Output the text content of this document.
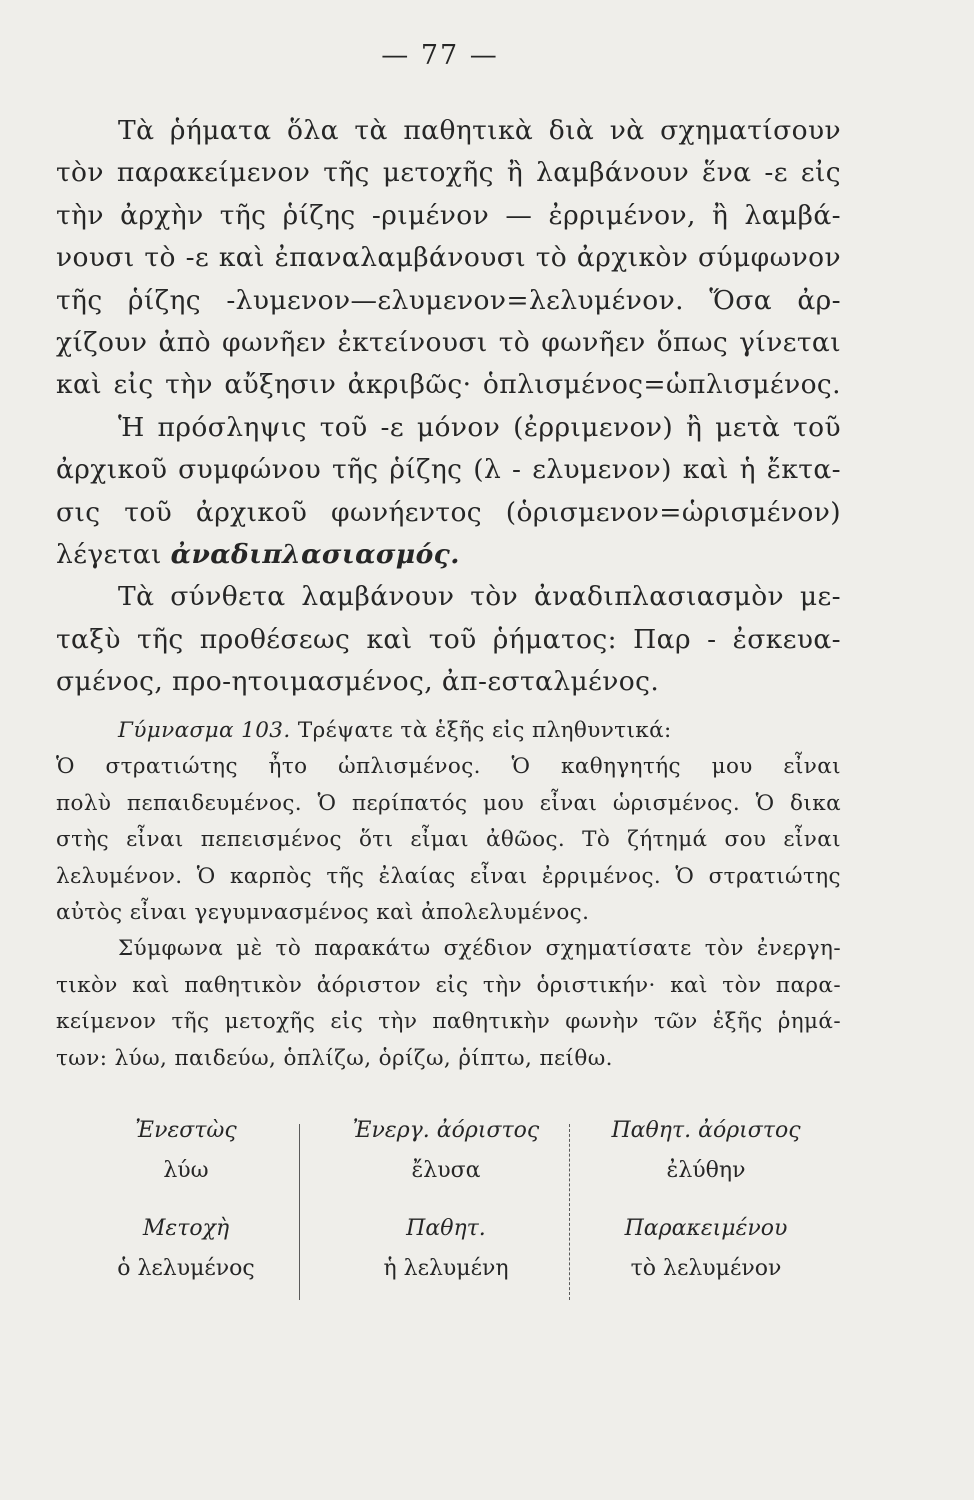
— 77 —
Τὰ ῥήματα ὅλα τὰ παθητικὰ διὰ νὰ σχηματίσουν
τὸν παρακείμενον τῆς μετοχῆς ἢ λαμβάνουν ἕνα -ε εἰς
τὴν ἀρχὴν τῆς ῥίζης -ριμένον — ἐρριμένον, ἢ λαμβά-
νουσι τὸ -ε καὶ ἐπαναλαμβάνουσι τὸ ἀρχικὸν σύμφωνον
τῆς ῥίζης -λυμενον—ελυμενον=λελυμένον. Ὅσα ἀρ-
χίζουν ἀπὸ φωνῆεν ἐκτείνουσι τὸ φωνῆεν ὅπως γίνεται
καὶ εἰς τὴν αὔξησιν ἀκριβῶς· ὁπλισμένος=ὡπλισμένος.
Ἡ πρόσληψις τοῦ -ε μόνον (ἐρριμενον) ἢ μετὰ τοῦ
ἀρχικοῦ συμφώνου τῆς ῥίζης (λ - ελυμενον) καὶ ἡ ἔκτα-
σις τοῦ ἀρχικοῦ φωνήεντος (ὁρισμενον=ὡρισμένον)
λέγεται ἀναδιπλασιασμός.
Τὰ σύνθετα λαμβάνουν τὸν ἀναδιπλασιασμὸν με-
ταξὺ τῆς προθέσεως καὶ τοῦ ῥήματος: Παρ - ἐσκευα-
σμένος, προ-ητοιμασμένος, ἀπ-εσταλμένος.
Γύμνασμα 103. Τρέψατε τὰ ἑξῆς εἰς πληθυντικά:
Ὁ στρατιώτης ἦτο ὡπλισμένος. Ὁ καθηγητής μου εἶναι
πολὺ πεπαιδευμένος. Ὁ περίπατός μου εἶναι ὡρισμένος. Ὁ δικα
στὴς εἶναι πεπεισμένος ὅτι εἶμαι ἀθῶος. Τὸ ζήτημά σου εἶναι
λελυμένον. Ὁ καρπὸς τῆς ἐλαίας εἶναι ἐρριμένος. Ὁ στρατιώτης
αὐτὸς εἶναι γεγυμνασμένος καὶ ἀπολελυμένος.
Σύμφωνα μὲ τὸ παρακάτω σχέδιον σχηματίσατε τὸν ἐνεργη-
τικὸν καὶ παθητικὸν ἀόριστον εἰς τὴν ὁριστικήν· καὶ τὸν παρα-
κείμενον τῆς μετοχῆς εἰς τὴν παθητικὴν φωνὴν τῶν ἑξῆς ῥημά-
των: λύω, παιδεύω, ὁπλίζω, ὁρίζω, ῥίπτω, πείθω.
Ἐνεστὼς
λύω
Μετοχὴ
ὁ λελυμένος
Ἐνεργ. ἀόριστος
ἔλυσα
Παθητ.
ἡ λελυμένη
Παθητ. ἀόριστος
ἐλύθην
Παρακειμένου
τὸ λελυμένον
